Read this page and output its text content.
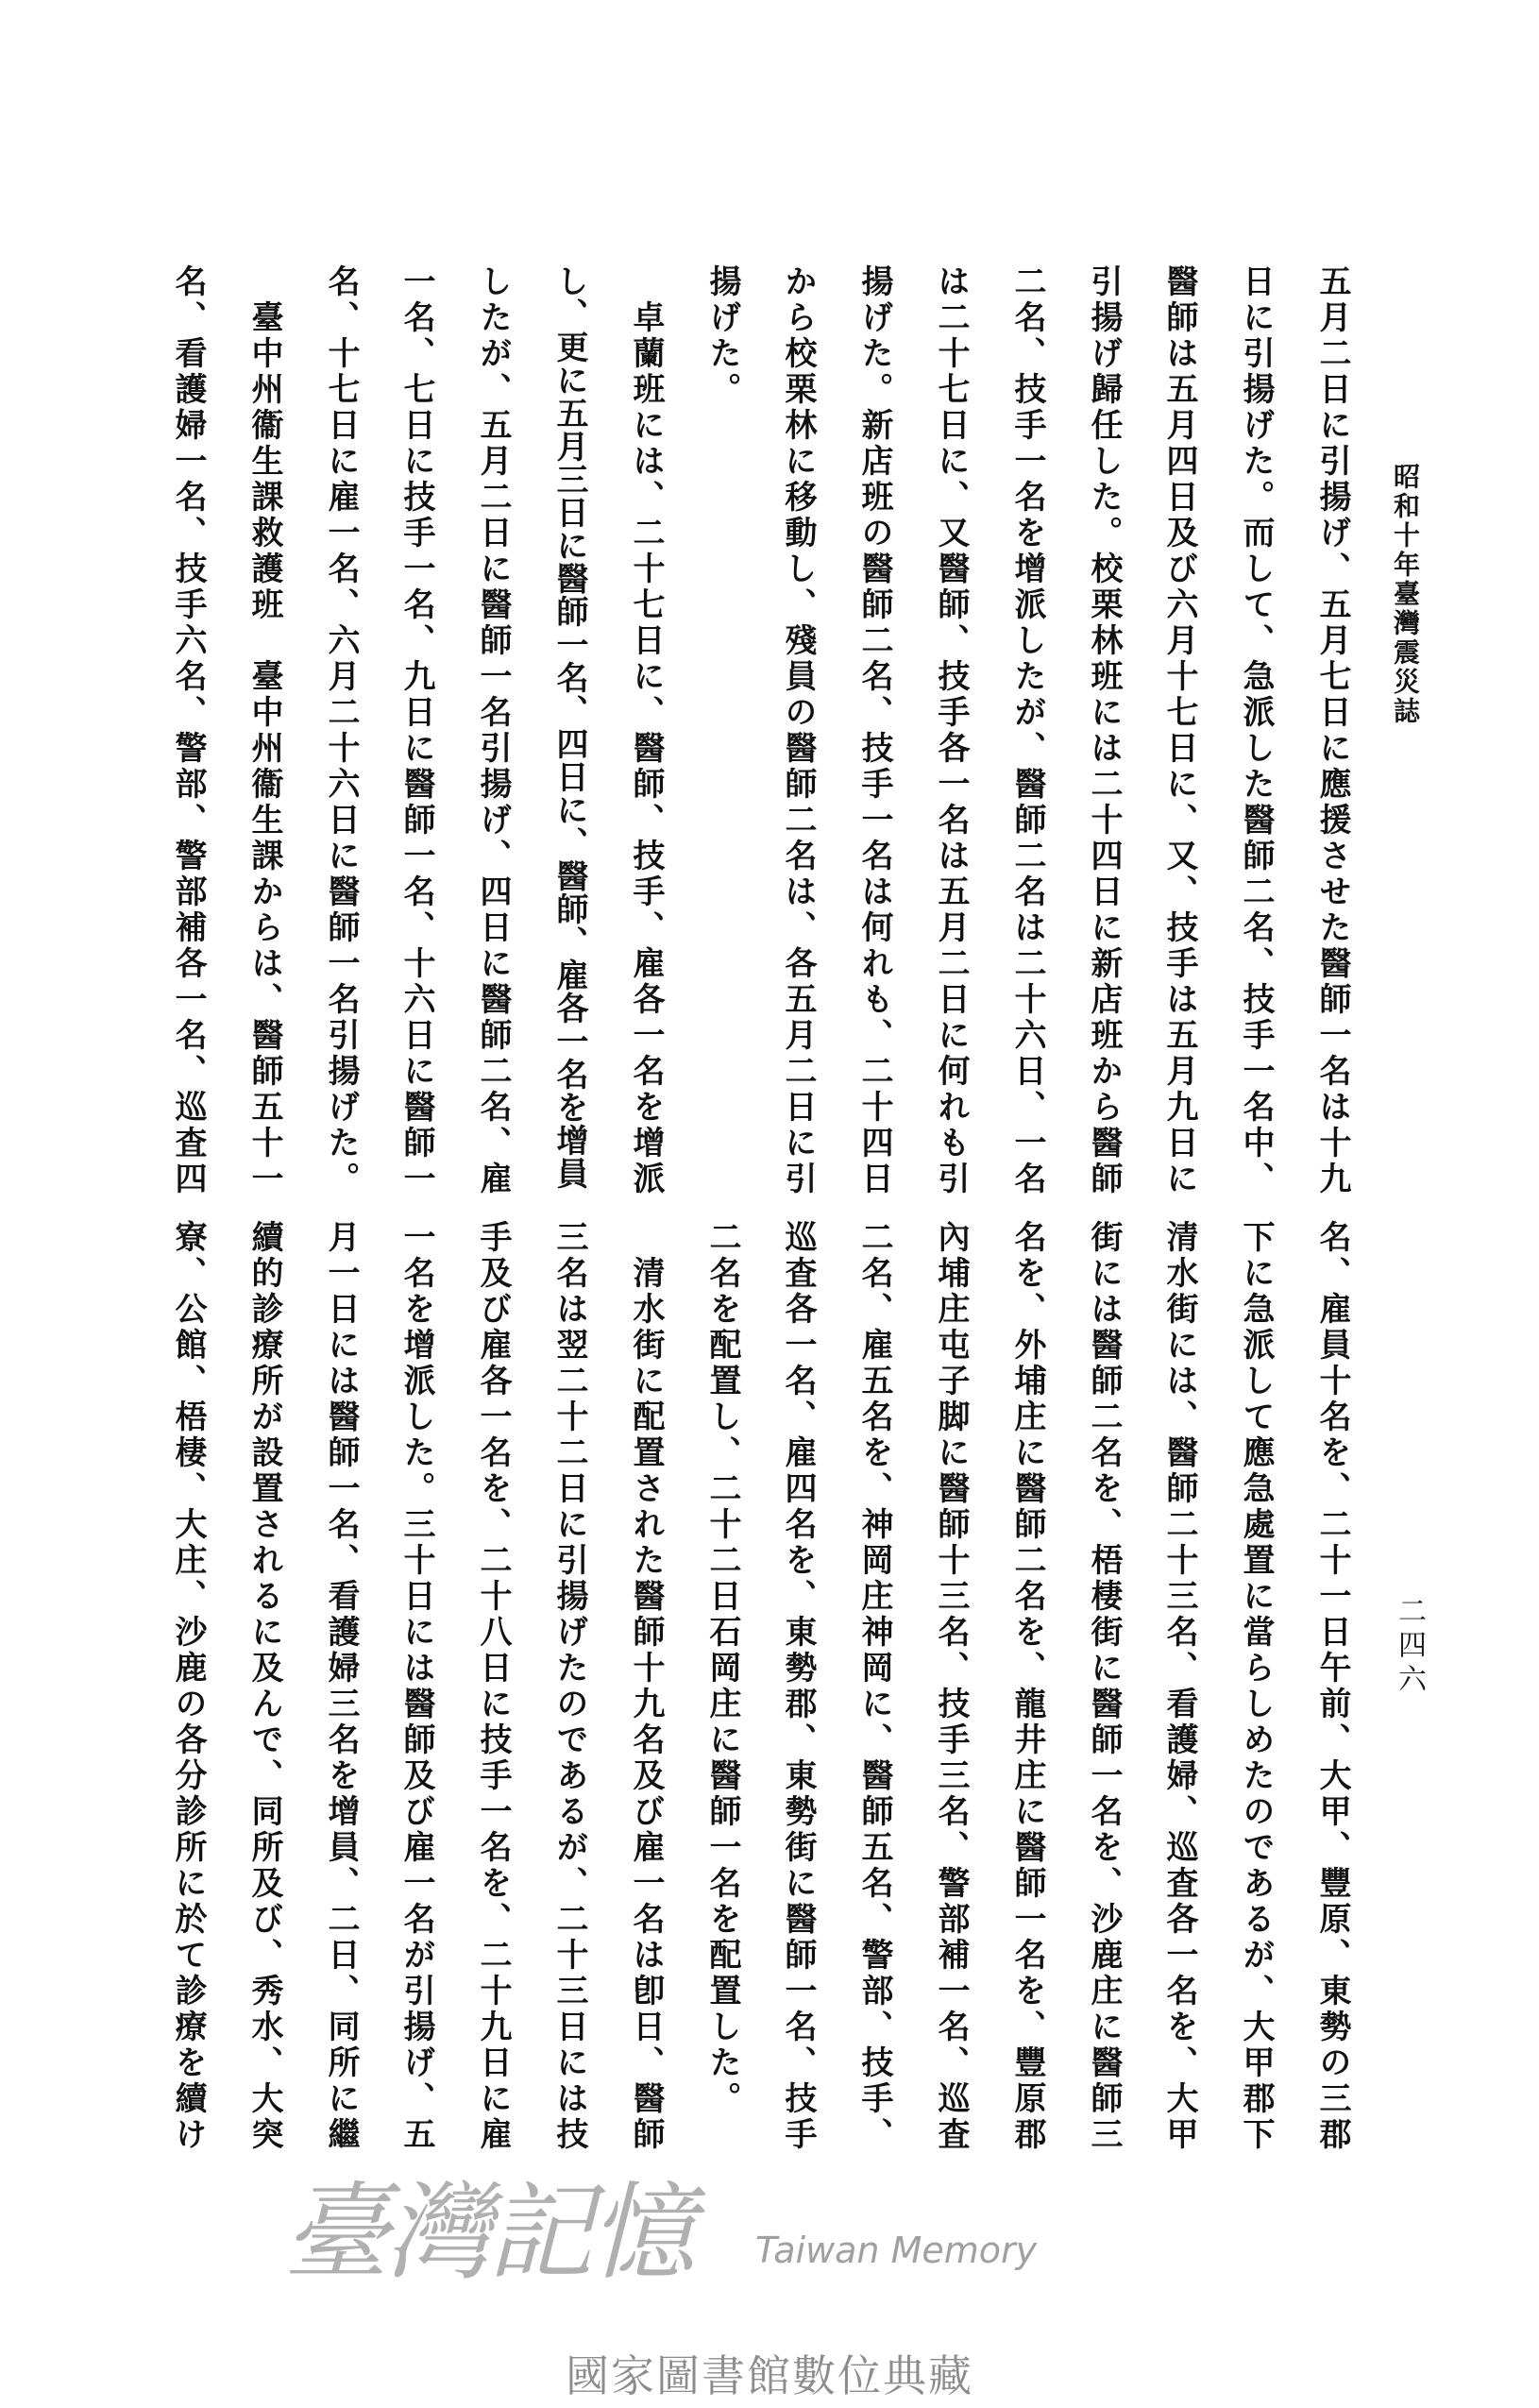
昭和十年臺灣震災誌
二四六
五月二日に引揚げ、五月七日に應援させた醫師一名は十九
日に引揚げた。而して、急派した醫師二名、技手一名中、
醫師は五月四日及び六月十七日に、又、技手は五月九日に
引揚げ歸任した。校栗林班には二十四日に新店班から醫師
二名、技手一名を增派したが、醫師二名は二十六日、一名
は二十七日に、又醫師、技手各一名は五月二日に何れも引
揚げた。新店班の醫師二名、技手一名は何れも、二十四日
から校栗林に移動し、殘員の醫師二名は、各五月二日に引
揚げた。
卓蘭班には、二十七日に、醫師、技手、雇各一名を增派
し、更に五月三日に醫師一名、四日に、醫師、雇各一名を增員
したが、五月二日に醫師一名引揚げ、四日に醫師二名、雇
一名、七日に技手一名、九日に醫師一名、十六日に醫師一
名、十七日に雇一名、六月二十六日に醫師一名引揚げた。
臺中州衞生課救護班臺中州衞生課からは、醫師五十一
名、看護婦一名、技手六名、警部、警部補各一名、巡査四
名、雇員十名を、二十一日午前、大甲、豐原、東勢の三郡
下に急派して應急處置に當らしめたのであるが、大甲郡下
清水街には、醫師二十三名、看護婦、巡査各一名を、大甲
街には醫師二名を、梧棲街に醫師一名を、沙鹿庄に醫師三
名を、外埔庄に醫師二名を、龍井庄に醫師一名を、豐原郡
內埔庄屯子脚に醫師十三名、技手三名、警部補一名、巡査
二名、雇五名を、神岡庄神岡に、醫師五名、警部、技手、
巡査各一名、雇四名を、東勢郡、東勢街に醫師一名、技手
二名を配置し、二十二日石岡庄に醫師一名を配置した。
清水街に配置された醫師十九名及び雇一名は卽日、醫師
三名は翌二十二日に引揚げたのであるが、二十三日には技
手及び雇各一名を、二十八日に技手一名を、二十九日に雇
一名を增派した。三十日には醫師及び雇一名が引揚げ、五
月一日には醫師一名、看護婦三名を增員、二日、同所に繼
續的診療所が設置されるに及んで、同所及び、秀水、大突
寮、公館、梧棲、大庄、沙鹿の各分診所に於て診療を續け
臺灣記憶 Taiwan Memory
國家圖書館數位典藏
